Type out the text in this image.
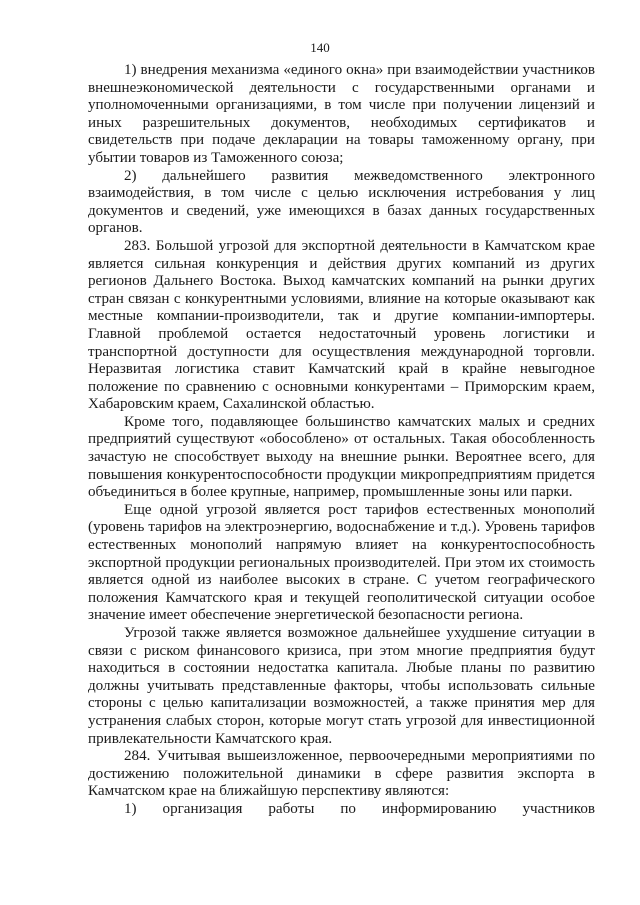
140

1) внедрения механизма «единого окна» при взаимодействии участников внешнеэкономической деятельности с государственными органами и уполномоченными организациями, в том числе при получении лицензий и иных разрешительных документов, необходимых сертификатов и свидетельств при подаче декларации на товары таможенному органу, при убытии товаров из Таможенного союза;

2) дальнейшего развития межведомственного электронного взаимодействия, в том числе с целью исключения истребования у лиц документов и сведений, уже имеющихся в базах данных государственных органов.

283. Большой угрозой для экспортной деятельности в Камчатском крае является сильная конкуренция и действия других компаний из других регионов Дальнего Востока. Выход камчатских компаний на рынки других стран связан с конкурентными условиями, влияние на которые оказывают как местные компании-производители, так и другие компании-импортеры. Главной проблемой остается недостаточный уровень логистики и транспортной доступности для осуществления международной торговли. Неразвитая логистика ставит Камчатский край в крайне невыгодное положение по сравнению с основными конкурентами – Приморским краем, Хабаровским краем, Сахалинской областью.

Кроме того, подавляющее большинство камчатских малых и средних предприятий существуют «обособлено» от остальных. Такая обособленность зачастую не способствует выходу на внешние рынки. Вероятнее всего, для повышения конкурентоспособности продукции микропредприятиям придется объединиться в более крупные, например, промышленные зоны или парки.

Еще одной угрозой является рост тарифов естественных монополий (уровень тарифов на электроэнергию, водоснабжение и т.д.). Уровень тарифов естественных монополий напрямую влияет на конкурентоспособность экспортной продукции региональных производителей. При этом их стоимость является одной из наиболее высоких в стране. С учетом географического положения Камчатского края и текущей геополитической ситуации особое значение имеет обеспечение энергетической безопасности региона.

Угрозой также является возможное дальнейшее ухудшение ситуации в связи с риском финансового кризиса, при этом многие предприятия будут находиться в состоянии недостатка капитала. Любые планы по развитию должны учитывать представленные факторы, чтобы использовать сильные стороны с целью капитализации возможностей, а также принятия мер для устранения слабых сторон, которые могут стать угрозой для инвестиционной привлекательности Камчатского края.

284. Учитывая вышеизложенное, первоочередными мероприятиями по достижению положительной динамики в сфере развития экспорта в Камчатском крае на ближайшую перспективу являются:

1) организация работы по информированию участников
